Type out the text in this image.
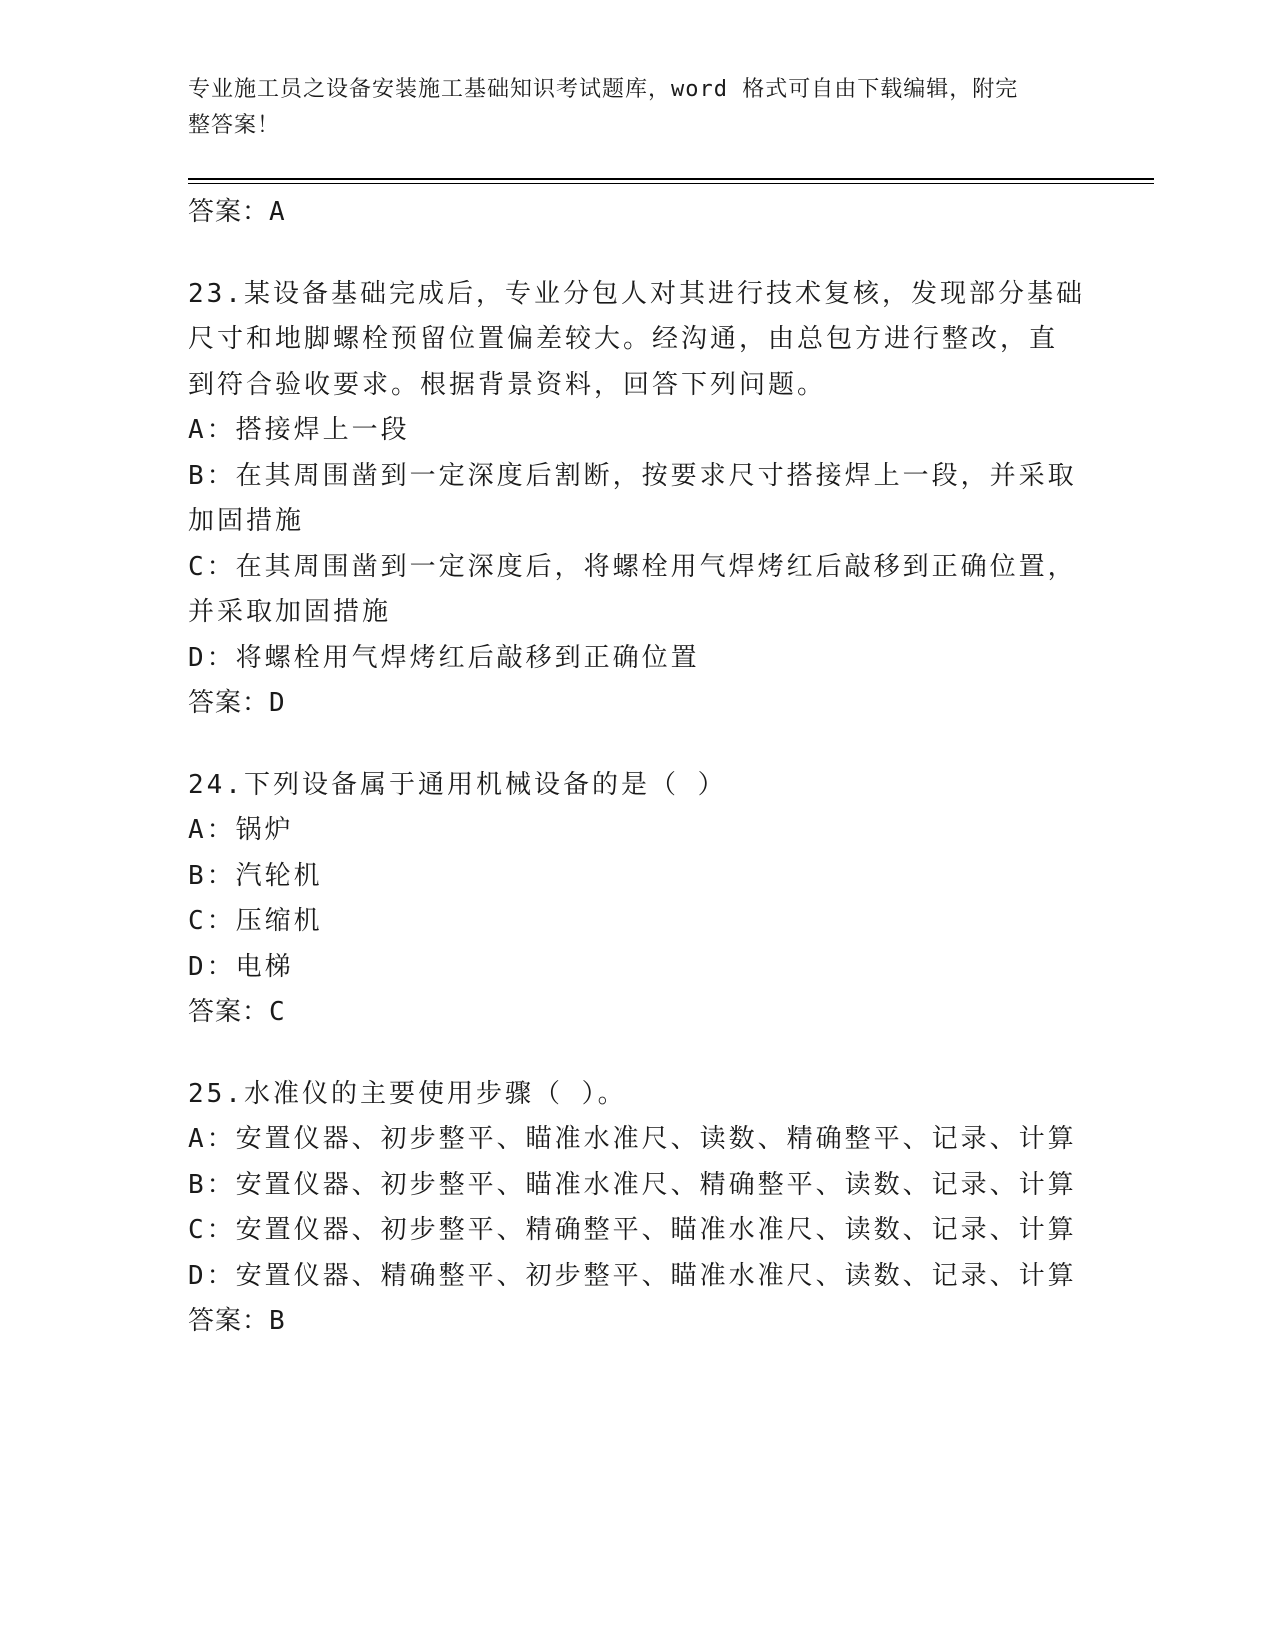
专业施工员之设备安装施工基础知识考试题库，word 格式可自由下载编辑，附完
整答案！
答案：A
23.某设备基础完成后，专业分包人对其进行技术复核，发现部分基础
尺寸和地脚螺栓预留位置偏差较大。经沟通，由总包方进行整改，直
到符合验收要求。根据背景资料，回答下列问题。
A：搭接焊上一段
B：在其周围凿到一定深度后割断，按要求尺寸搭接焊上一段，并采取
加固措施
C：在其周围凿到一定深度后，将螺栓用气焊烤红后敲移到正确位置，
并采取加固措施
D：将螺栓用气焊烤红后敲移到正确位置
答案：D
24.下列设备属于通用机械设备的是（ ）
A：锅炉
B：汽轮机
C：压缩机
D：电梯
答案：C
25.水准仪的主要使用步骤（ ）。
A：安置仪器、初步整平、瞄准水准尺、读数、精确整平、记录、计算
B：安置仪器、初步整平、瞄准水准尺、精确整平、读数、记录、计算
C：安置仪器、初步整平、精确整平、瞄准水准尺、读数、记录、计算
D：安置仪器、精确整平、初步整平、瞄准水准尺、读数、记录、计算
答案：B
